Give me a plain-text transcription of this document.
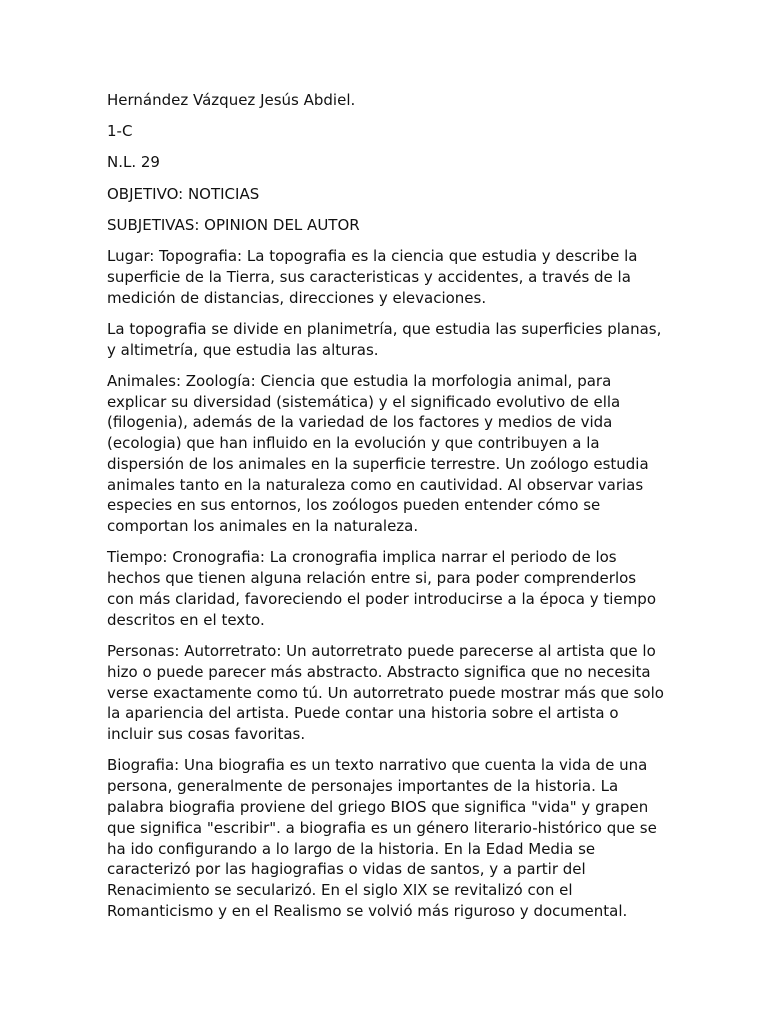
Hernández Vázquez Jesús Abdiel.
1-C
N.L. 29
OBJETIVO: NOTICIAS
SUBJETIVAS: OPINION DEL AUTOR

Lugar: Topografia: La topografia es la ciencia que estudia y describe la superficie de la Tierra, sus caracteristicas y accidentes, a través de la medición de distancias, direcciones y elevaciones.

La topografia se divide en planimetría, que estudia las superficies planas, y altimetría, que estudia las alturas.

Animales: Zoología: Ciencia que estudia la morfologia animal, para explicar su diversidad (sistemática) y el significado evolutivo de ella (filogenia), además de la variedad de los factores y medios de vida (ecologia) que han influido en la evolución y que contribuyen a la dispersión de los animales en la superficie terrestre. Un zoólogo estudia animales tanto en la naturaleza como en cautividad. Al observar varias especies en sus entornos, los zoólogos pueden entender cómo se comportan los animales en la naturaleza.

Tiempo: Cronografia: La cronografia implica narrar el periodo de los hechos que tienen alguna relación entre si, para poder comprenderlos con más claridad, favoreciendo el poder introducirse a la época y tiempo descritos en el texto.

Personas: Autorretrato: Un autorretrato puede parecerse al artista que lo hizo o puede parecer más abstracto. Abstracto significa que no necesita verse exactamente como tú. Un autorretrato puede mostrar más que solo la apariencia del artista. Puede contar una historia sobre el artista o incluir sus cosas favoritas.

Biografia: Una biografia es un texto narrativo que cuenta la vida de una persona, generalmente de personajes importantes de la historia. La palabra biografia proviene del griego BIOS que significa "vida" y grapen que significa "escribir". a biografia es un género literario-histórico que se ha ido configurando a lo largo de la historia. En la Edad Media se caracterizó por las hagiografias o vidas de santos, y a partir del Renacimiento se secularizó. En el siglo XIX se revitalizó con el Romanticismo y en el Realismo se volvió más riguroso y documental.
